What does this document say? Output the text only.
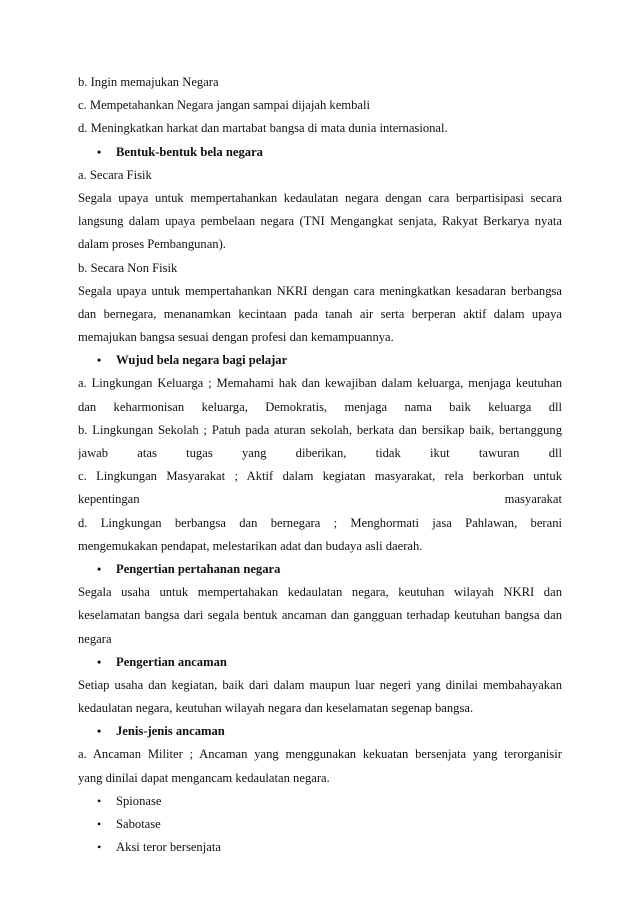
b. Ingin memajukan Negara
c. Mempetahankan Negara jangan sampai dijajah kembali
d. Meningkatkan harkat dan martabat bangsa di mata dunia internasional.
• Bentuk-bentuk bela negara
a. Secara Fisik
Segala upaya untuk mempertahankan kedaulatan negara dengan cara berpartisipasi secara
langsung dalam upaya pembelaan negara (TNI Mengangkat senjata, Rakyat Berkarya nyata
dalam proses Pembangunan).
b. Secara Non Fisik
Segala upaya untuk mempertahankan NKRI dengan cara meningkatkan kesadaran berbangsa
dan bernegara, menanamkan kecintaan pada tanah air serta berperan aktif dalam upaya
memajukan bangsa sesuai dengan profesi dan kemampuannya.
• Wujud bela negara bagi pelajar
a. Lingkungan Keluarga ; Memahami hak dan kewajiban dalam keluarga, menjaga keutuhan
dan keharmonisan keluarga, Demokratis, menjaga nama baik keluarga dll
b. Lingkungan Sekolah ; Patuh pada aturan sekolah, berkata dan bersikap baik, bertanggung
jawab atas tugas yang diberikan, tidak ikut tawuran dll
c. Lingkungan Masyarakat ; Aktif dalam kegiatan masyarakat, rela berkorban untuk
kepentingan masyarakat
d. Lingkungan berbangsa dan bernegara ; Menghormati jasa Pahlawan, berani
mengemukakan pendapat, melestarikan adat dan budaya asli daerah.
• Pengertian pertahanan negara
Segala usaha untuk mempertahakan kedaulatan negara, keutuhan wilayah NKRI dan
keselamatan bangsa dari segala bentuk ancaman dan gangguan terhadap keutuhan bangsa dan
negara
• Pengertian ancaman
Setiap usaha dan kegiatan, baik dari dalam maupun luar negeri yang dinilai membahayakan
kedaulatan negara, keutuhan wilayah negara dan keselamatan segenap bangsa.
• Jenis-jenis ancaman
a. Ancaman Militer ; Ancaman yang menggunakan kekuatan bersenjata yang terorganisir
yang dinilai dapat mengancam kedaulatan negara.
• Spionase
• Sabotase
• Aksi teror bersenjata
